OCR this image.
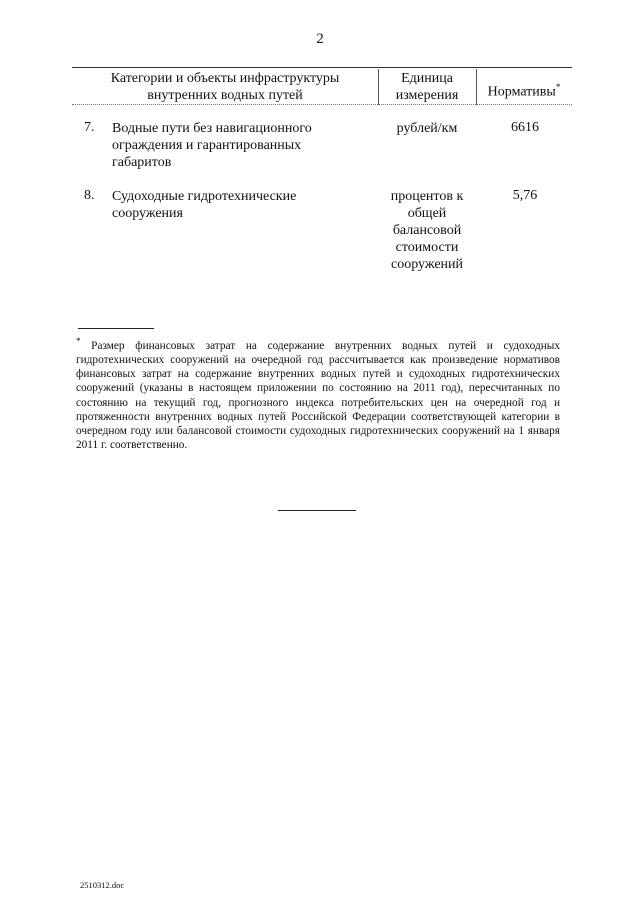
2
Категории и объекты инфраструктуры
внутренних водных путей
Единица
измерения	Нормативы*
7. Водные пути без навигационного
ограждения и гарантированных
габаритов
рублей/км	6616
8. Судоходные гидротехнические
сооружения
процентов к
общей
балансовой
стоимости
сооружений
5,76
* Размер финансовых затрат на содержание внутренних водных путей и судоходных гидротехнических сооружений на очередной год рассчитывается как произведение нормативов финансовых затрат на содержание внутренних водных путей и судоходных гидротехнических сооружений (указаны в настоящем приложении по состоянию на 2011 год), пересчитанных по состоянию на текущий год, прогнозного индекса потребительских цен на очередной год и протяженности внутренних водных путей Российской Федерации соответствующей категории в очередном году или балансовой стоимости судоходных гидротехнических сооружений на 1 января 2011 г. соответственно.
2510312.doc
